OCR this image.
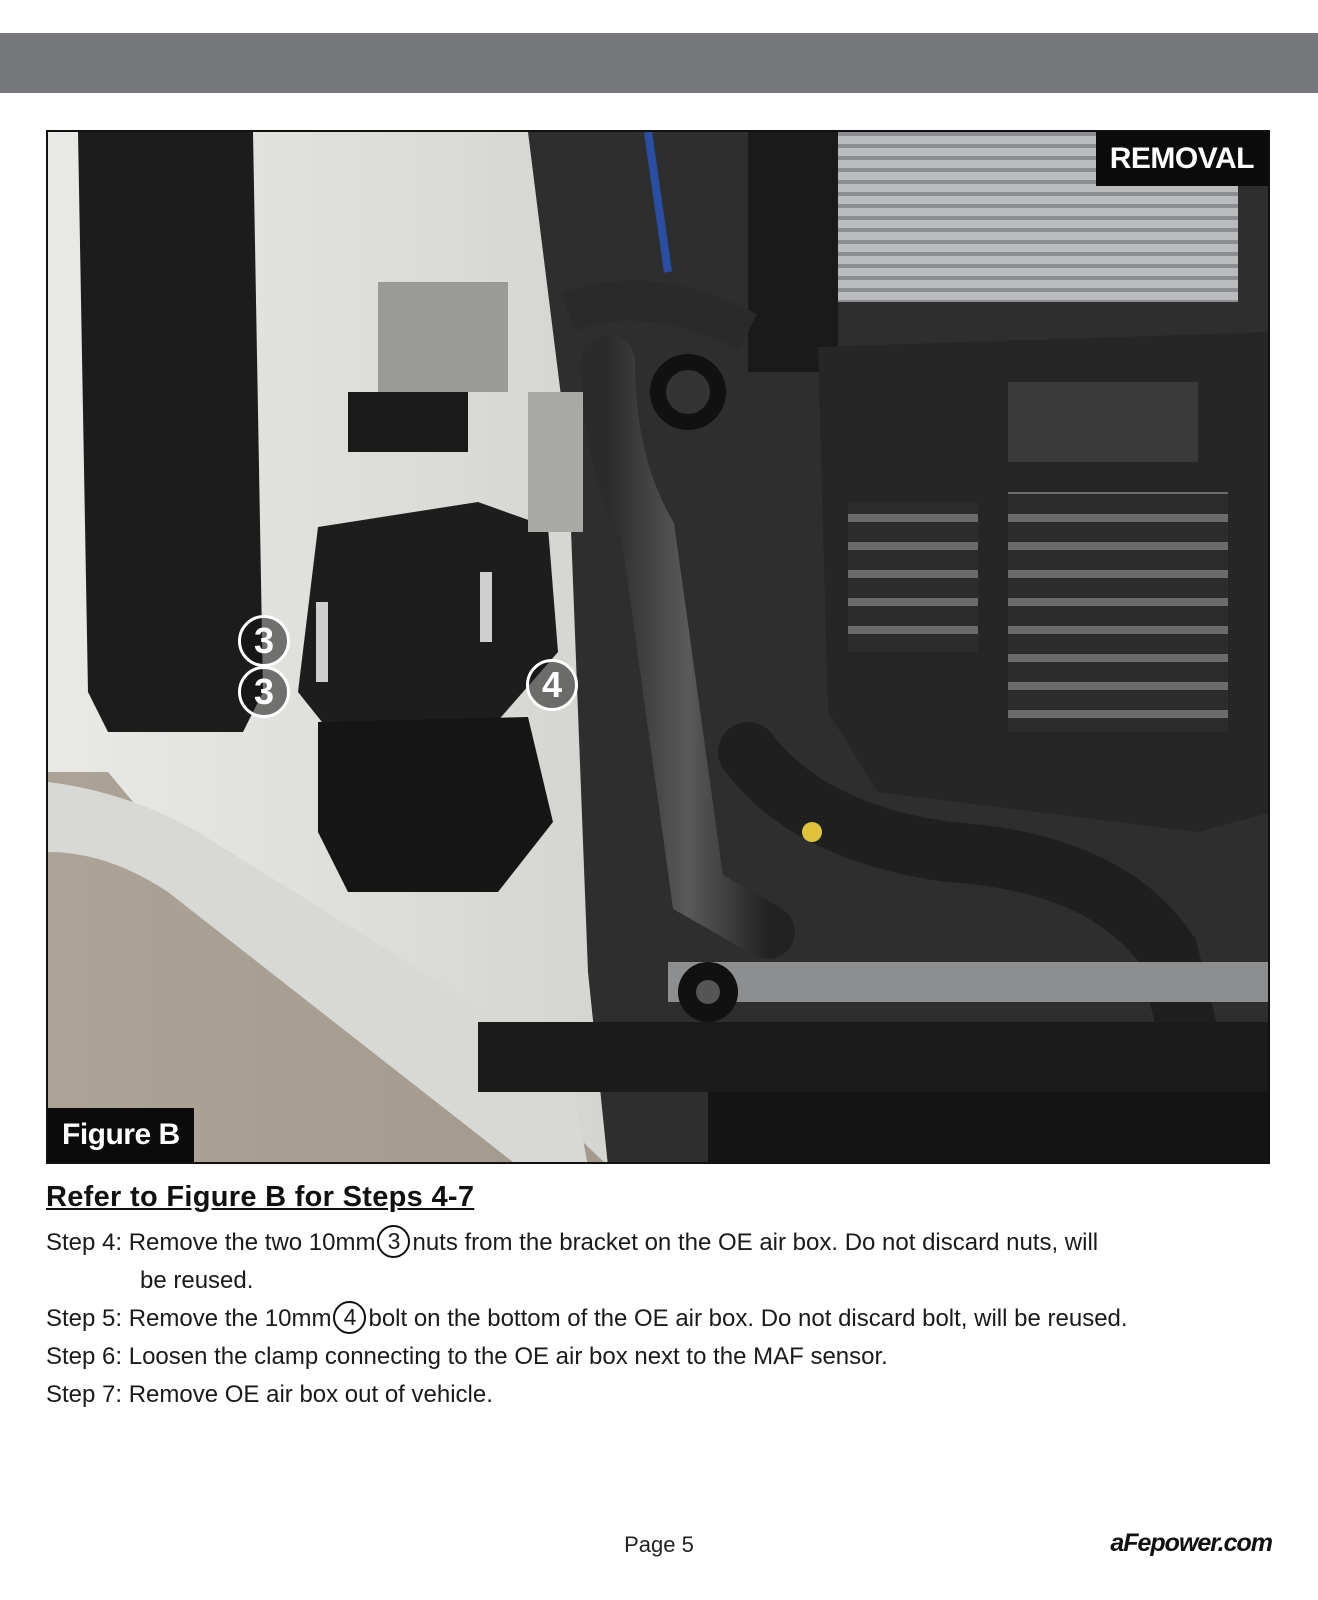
REMOVAL
Figure B
3
3	4
Refer to Figure B for Steps 4-7
Step 4: Remove the two 10mm 3 nuts from the bracket on the OE air box. Do not discard nuts, will
be reused.
Step 5: Remove the 10mm 4 bolt on the bottom of the OE air box. Do not discard bolt, will be reused.
Step 6: Loosen the clamp connecting to the OE air box next to the MAF sensor.
Step 7: Remove OE air box out of vehicle.
Page 5	aFepower.com
